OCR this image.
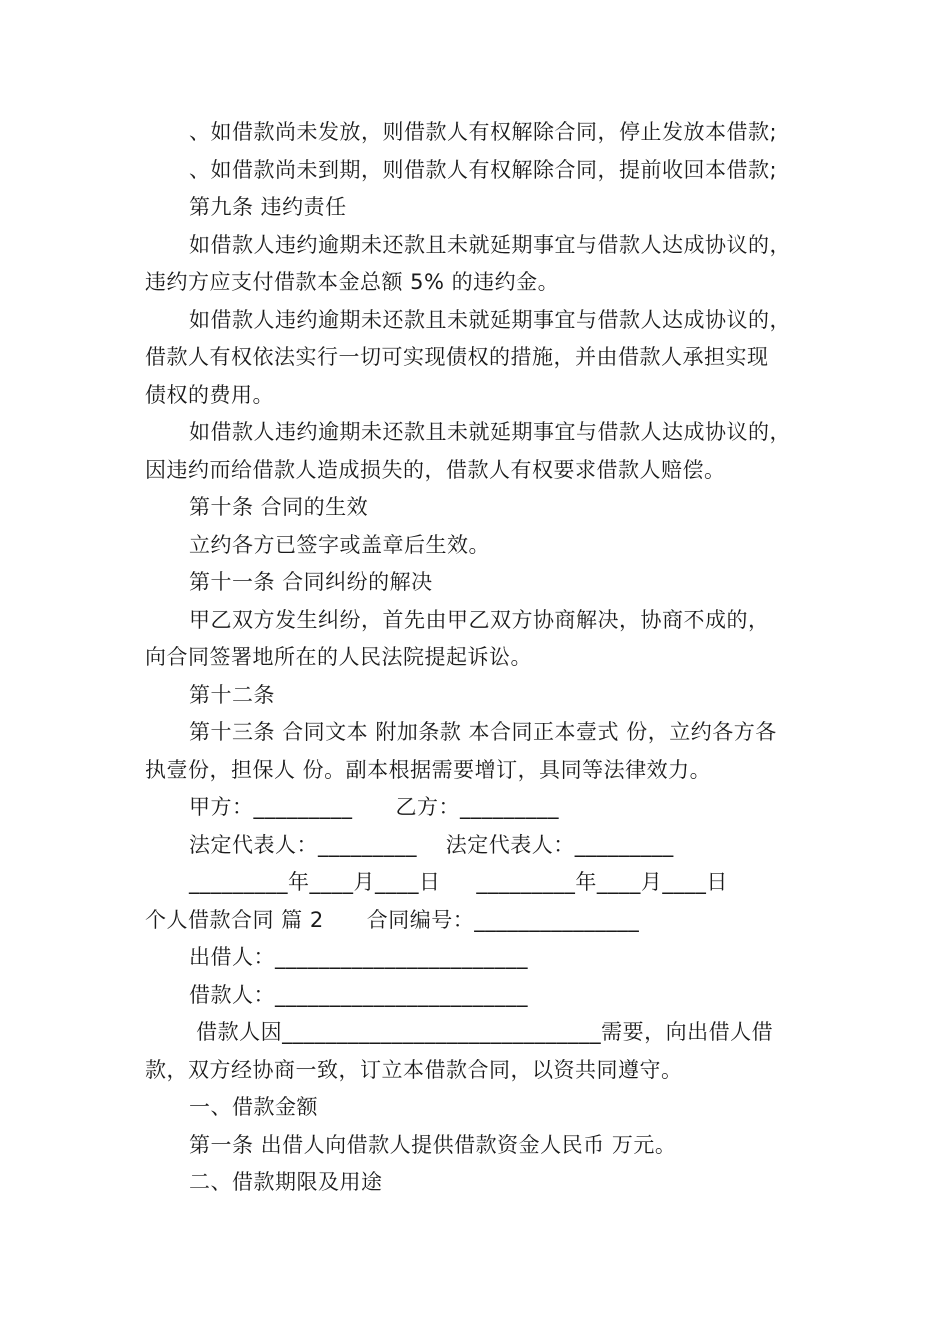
、如借款尚未发放，则借款人有权解除合同，停止发放本借款;

、如借款尚未到期，则借款人有权解除合同，提前收回本借款;

第九条 违约责任

如借款人违约逾期未还款且未就延期事宜与借款人达成协议的，

违约方应支付借款本金总额 5% 的违约金。

如借款人违约逾期未还款且未就延期事宜与借款人达成协议的，

借款人有权依法实行一切可实现债权的措施，并由借款人承担实现

债权的费用。

如借款人违约逾期未还款且未就延期事宜与借款人达成协议的，

因违约而给借款人造成损失的，借款人有权要求借款人赔偿。

第十条 合同的生效

立约各方已签字或盖章后生效。

第十一条 合同纠纷的解决

甲乙双方发生纠纷，首先由甲乙双方协商解决，协商不成的，

向合同签署地所在的人民法院提起诉讼。

第十二条

第十三条 合同文本 附加条款 本合同正本壹式 份，立约各方各

执壹份，担保人 份。副本根据需要增订，具同等法律效力。

甲方：_________      乙方：_________

法定代表人：_________    法定代表人：_________

_________年____月____日     _________年____月____日

个人借款合同 篇 2      合同编号：_______________

出借人：_______________________

借款人：_______________________

借款人因_____________________________需要，向出借人借

款，双方经协商一致，订立本借款合同，以资共同遵守。

一、借款金额

第一条 出借人向借款人提供借款资金人民币 万元。

二、借款期限及用途
